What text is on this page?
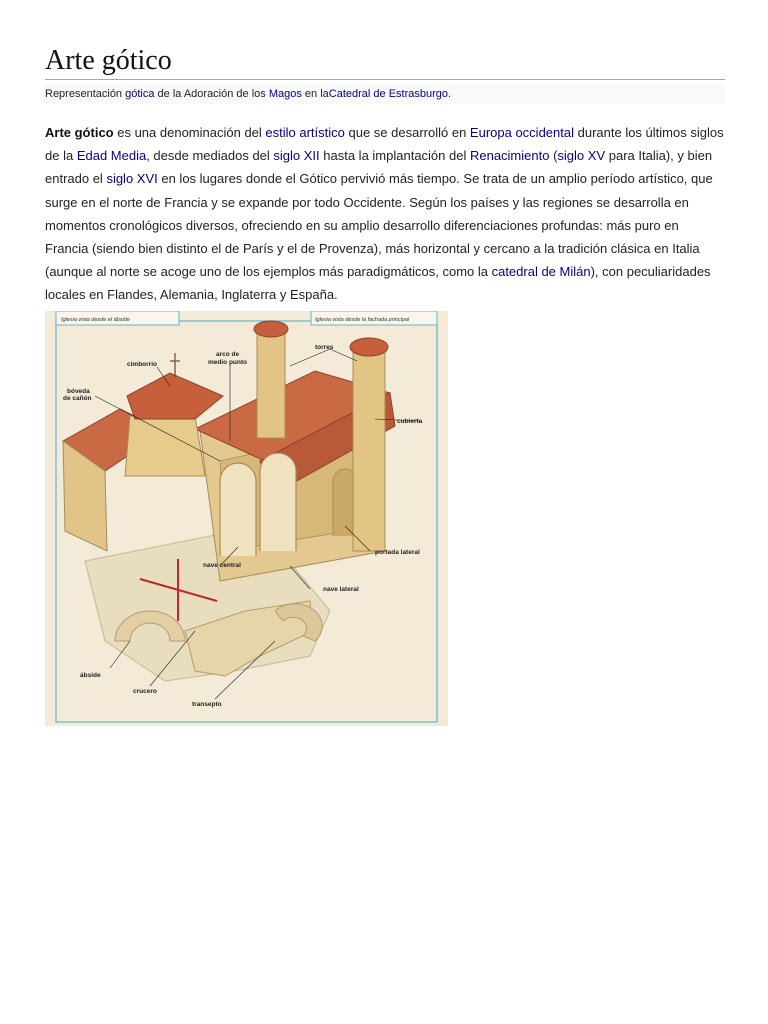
Arte gótico
Representación gótica de la Adoración de los Magos en laCatedral de Estrasburgo.

Arte gótico es una denominación del estilo artístico que se desarrolló en Europa occidental durante los últimos siglos de la Edad Media, desde mediados del siglo XII hasta la implantación del Renacimiento (siglo XV para Italia), y bien entrado el siglo XVI en los lugares donde el Gótico pervivió más tiempo. Se trata de un amplio período artístico, que surge en el norte de Francia y se expande por todo Occidente. Según los países y las regiones se desarrolla en momentos cronológicos diversos, ofreciendo en su amplio desarrollo diferenciaciones profundas: más puro en Francia (siendo bien distinto el de París y el de Provenza), más horizontal y cercano a la tradición clásica en Italia (aunque al norte se acoge uno de los ejemplos más paradigmáticos, como la catedral de Milán), con peculiaridades locales en Flandes, Alemania, Inglaterra y España.

Iglesia vista desde el ábside	Iglesia vista desde la fachada principal
cimborrio
arco de
medio punto
torres
bóveda
de cañón
cubierta
portada lateral
nave central
nave lateral
ábside
crucero
transepto
